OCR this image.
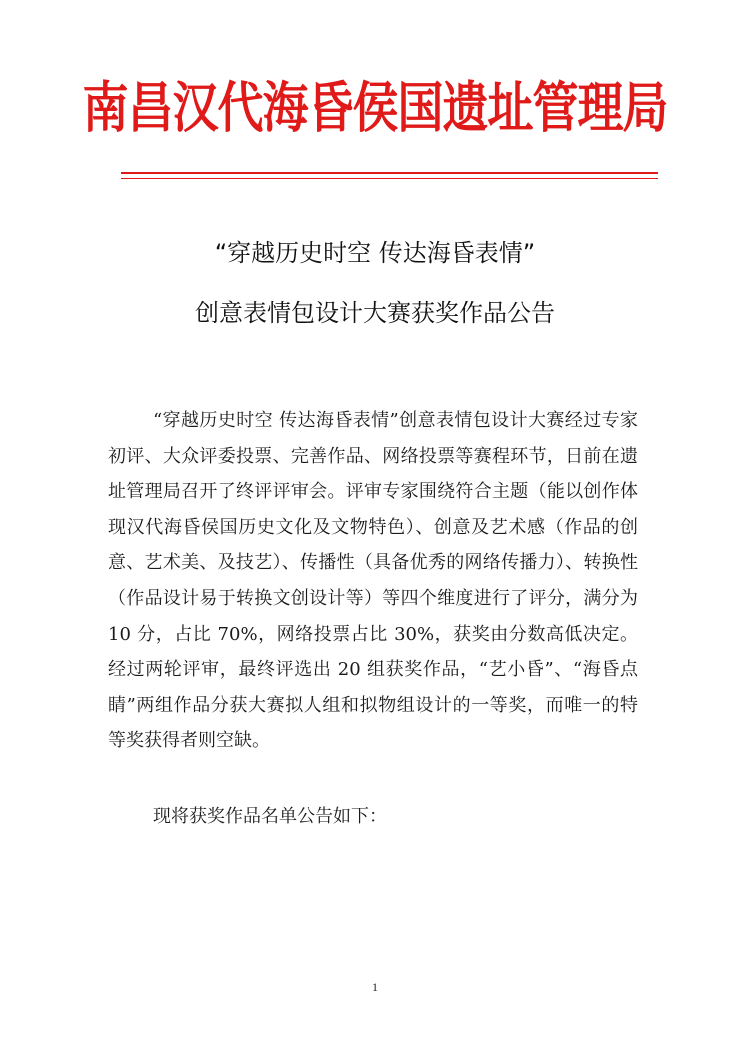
南昌汉代海昏侯国遗址管理局
“穿越历史时空 传达海昏表情”
创意表情包设计大赛获奖作品公告

“穿越历史时空 传达海昏表情”创意表情包设计大赛经过专家初评、大众评委投票、完善作品、网络投票等赛程环节，日前在遗址管理局召开了终评评审会。评审专家围绕符合主题（能以创作体现汉代海昏侯国历史文化及文物特色）、创意及艺术感（作品的创意、艺术美、及技艺）、传播性（具备优秀的网络传播力）、转换性（作品设计易于转换文创设计等）等四个维度进行了评分，满分为 10 分，占比 70%，网络投票占比 30%，获奖由分数高低决定。经过两轮评审，最终评选出 20 组获奖作品，“艺小昏”、“海昏点睛”两组作品分获大赛拟人组和拟物组设计的一等奖，而唯一的特等奖获得者则空缺。

现将获奖作品名单公告如下：

1
